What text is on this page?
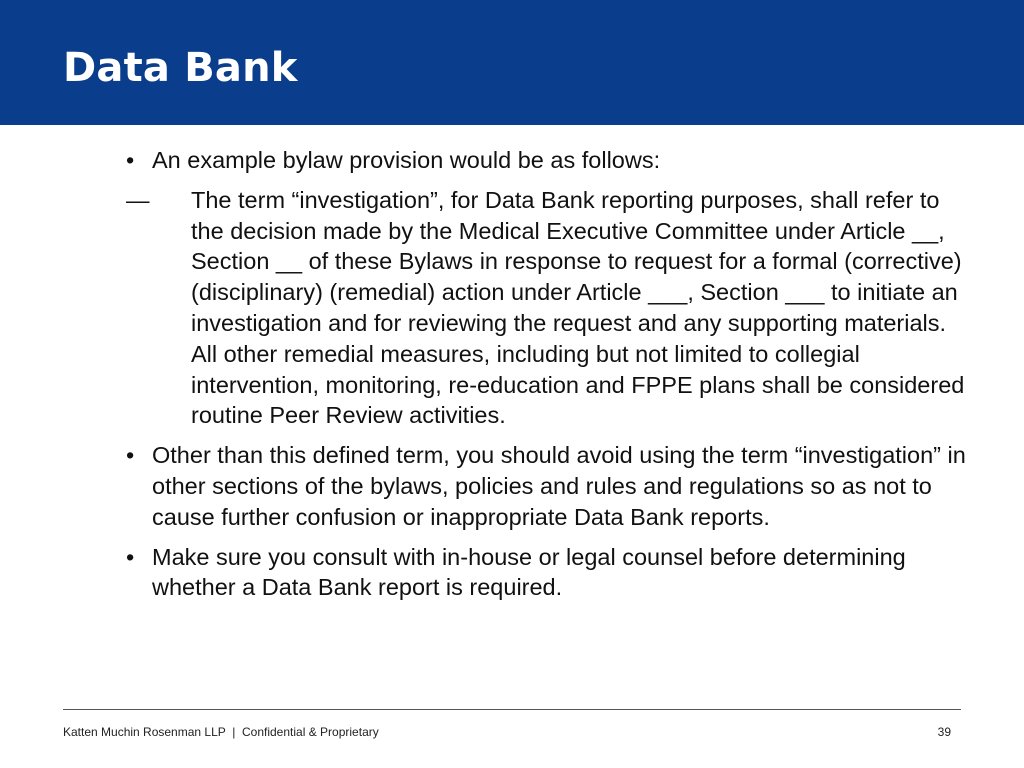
Data Bank
• An example bylaw provision would be as follows:
—	The term “investigation”, for Data Bank reporting purposes, shall refer to the decision made by the Medical Executive Committee under Article __, Section __ of these Bylaws in response to request for a formal (corrective) (disciplinary) (remedial) action under Article ___, Section ___ to initiate an investigation and for reviewing the request and any supporting materials. All other remedial measures, including but not limited to collegial intervention, monitoring, re-education and FPPE plans shall be considered routine Peer Review activities.
• Other than this defined term, you should avoid using the term “investigation” in other sections of the bylaws, policies and rules and regulations so as not to cause further confusion or inappropriate Data Bank reports.
• Make sure you consult with in-house or legal counsel before determining whether a Data Bank report is required.
Katten Muchin Rosenman LLP  |  Confidential & Proprietary	39
